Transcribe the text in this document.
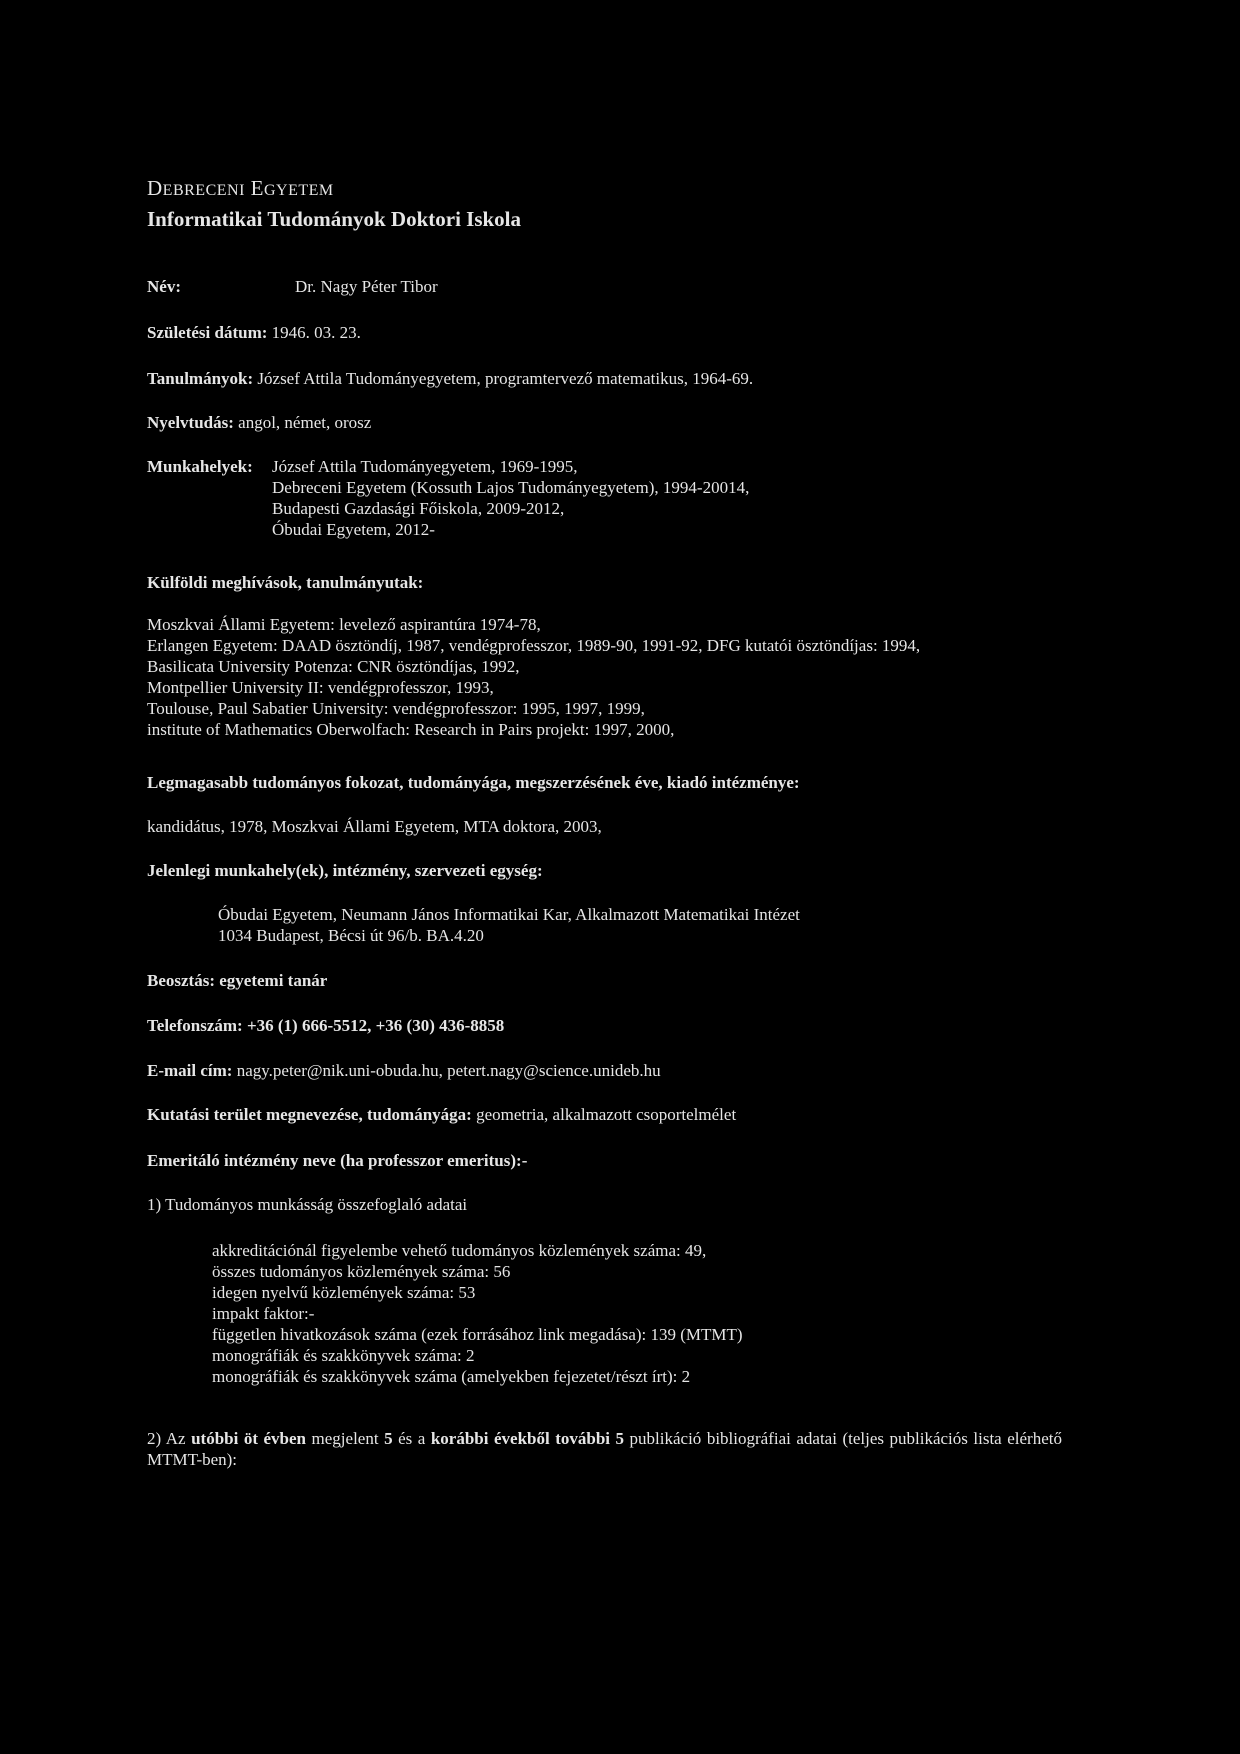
DEBRECENI EGYETEM
Informatikai Tudományok Doktori Iskola
Név:	Dr. Nagy Péter Tibor
Születési dátum: 1946. 03. 23.
Tanulmányok: József Attila Tudományegyetem, programtervező matematikus, 1964-69.
Nyelvtudás: angol, német, orosz
Munkahelyek: József Attila Tudományegyetem, 1969-1995,
Debreceni Egyetem (Kossuth Lajos Tudományegyetem), 1994-20014,
Budapesti Gazdasági Főiskola, 2009-2012,
Óbudai Egyetem, 2012-
Külföldi meghívások, tanulmányutak:
Moszkvai Állami Egyetem: levelező aspirantúra 1974-78,
Erlangen Egyetem: DAAD ösztöndíj, 1987, vendégprofesszor, 1989-90, 1991-92, DFG kutatói ösztöndíjas: 1994,
Basilicata University Potenza: CNR ösztöndíjas, 1992,
Montpellier University II: vendégprofesszor, 1993,
Toulouse, Paul Sabatier University: vendégprofesszor: 1995, 1997, 1999,
institute of Mathematics Oberwolfach: Research in Pairs projekt: 1997, 2000,
Legmagasabb tudományos fokozat, tudományága, megszerzésének éve, kiadó intézménye:
kandidátus, 1978, Moszkvai Állami Egyetem, MTA doktora, 2003,
Jelenlegi munkahely(ek), intézmény, szervezeti egység:
Óbudai Egyetem, Neumann János Informatikai Kar, Alkalmazott Matematikai Intézet
1034 Budapest, Bécsi út 96/b. BA.4.20
Beosztás: egyetemi tanár
Telefonszám: +36 (1) 666-5512, +36 (30) 436-8858
E-mail cím: nagy.peter@nik.uni-obuda.hu, petert.nagy@science.unideb.hu
Kutatási terület megnevezése, tudományága: geometria, alkalmazott csoportelmélet
Emeritáló intézmény neve (ha professzor emeritus):-
1) Tudományos munkásság összefoglaló adatai
akkreditációnál figyelembe vehető tudományos közlemények száma: 49,
összes tudományos közlemények száma: 56
idegen nyelvű közlemények száma: 53
impakt faktor:-
független hivatkozások száma (ezek forrásához link megadása): 139 (MTMT)
monográfiák és szakkönyvek száma: 2
monográfiák és szakkönyvek száma (amelyekben fejezetet/részt írt): 2
2) Az utóbbi öt évben megjelent 5 és a korábbi évekből további 5 publikáció bibliográfiai adatai (teljes publikációs lista elérhető MTMT-ben):
